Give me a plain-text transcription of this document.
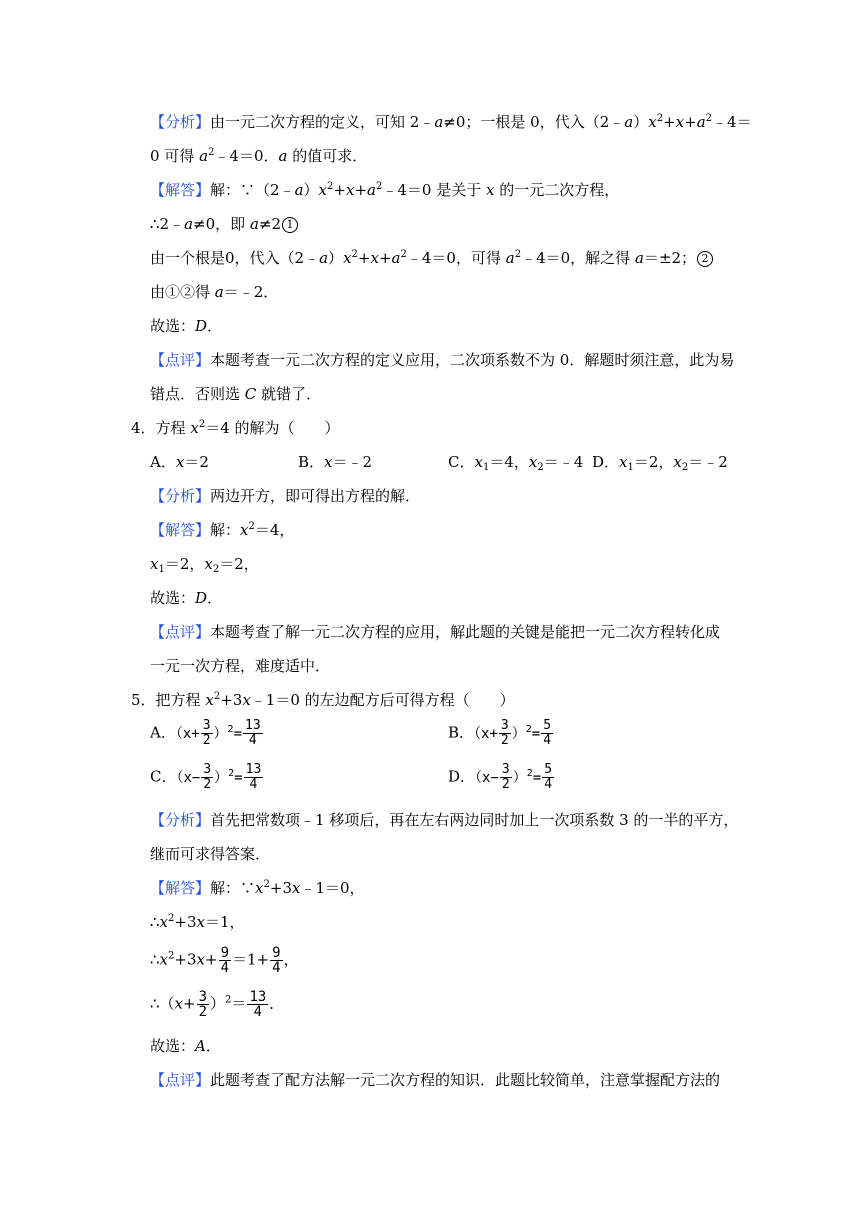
【分析】由一元二次方程的定义，可知 2﹣a≠0；一根是 0，代入$(2﹣a)x^2+x+a^2﹣4=$
0 可得 $a^2﹣4=0$．a 的值可求．
【解答】解：$\because(2﹣a)x^2+x+a^2﹣4=0$ 是关于 x 的一元二次方程，
∴2﹣a≠0，即 a≠2 1
由一个根是0，代入$(2﹣a)x^2+x+a^2﹣4=0$，可得 $a^2﹣4=0$，解之得 a＝±2； 2
由①②得 a＝﹣2．
故选：D．
【点评】本题考查一元二次方程的定义应用，二次项系数不为 0．解题时须注意，此为易
错点．否则选 C 就错了．
4．方程 $x^2=4$ 的解为（　　）
A．x＝2	B．x＝﹣2	C．$x_1=4$，$x_2=﹣4$ D．$x_1=2$，$x_2=﹣2$
【分析】两边开方，即可得出方程的解．
【解答】解：$x^2=4$，
$x_1=2$，$x_2=2$，
故选：D．
【点评】本题考查了解一元二次方程的应用，解此题的关键是能把一元二次方程转化成
一元一次方程，难度适中．
5．把方程 $x^2+3x﹣1=0$ 的左边配方后可得方程（　　）
A．$(x+ \frac{3}{2} )^2= \frac{13}{4}$	B．$(x+ \frac{3}{2} )^2= \frac{5}{4}$
C．$(x- \frac{3}{2} )^2= \frac{13}{4}$	D．$(x- \frac{3}{2} )^2= \frac{5}{4}$
【分析】首先把常数项﹣1 移项后，再在左右两边同时加上一次项系数 3 的一半的平方，
继而可求得答案．
【解答】解：$\because x^2+3x﹣1=0$，
$\therefore x^2+3x=1$，
$\therefore x^2+3x+ \frac{9}{4} =1+ \frac{9}{4}$ ，
∴（x+ $\frac{3}{2} )^2= \frac{13}{4}$ ．
故选：A．
【点评】此题考查了配方法解一元二次方程的知识．此题比较简单，注意掌握配方法的
